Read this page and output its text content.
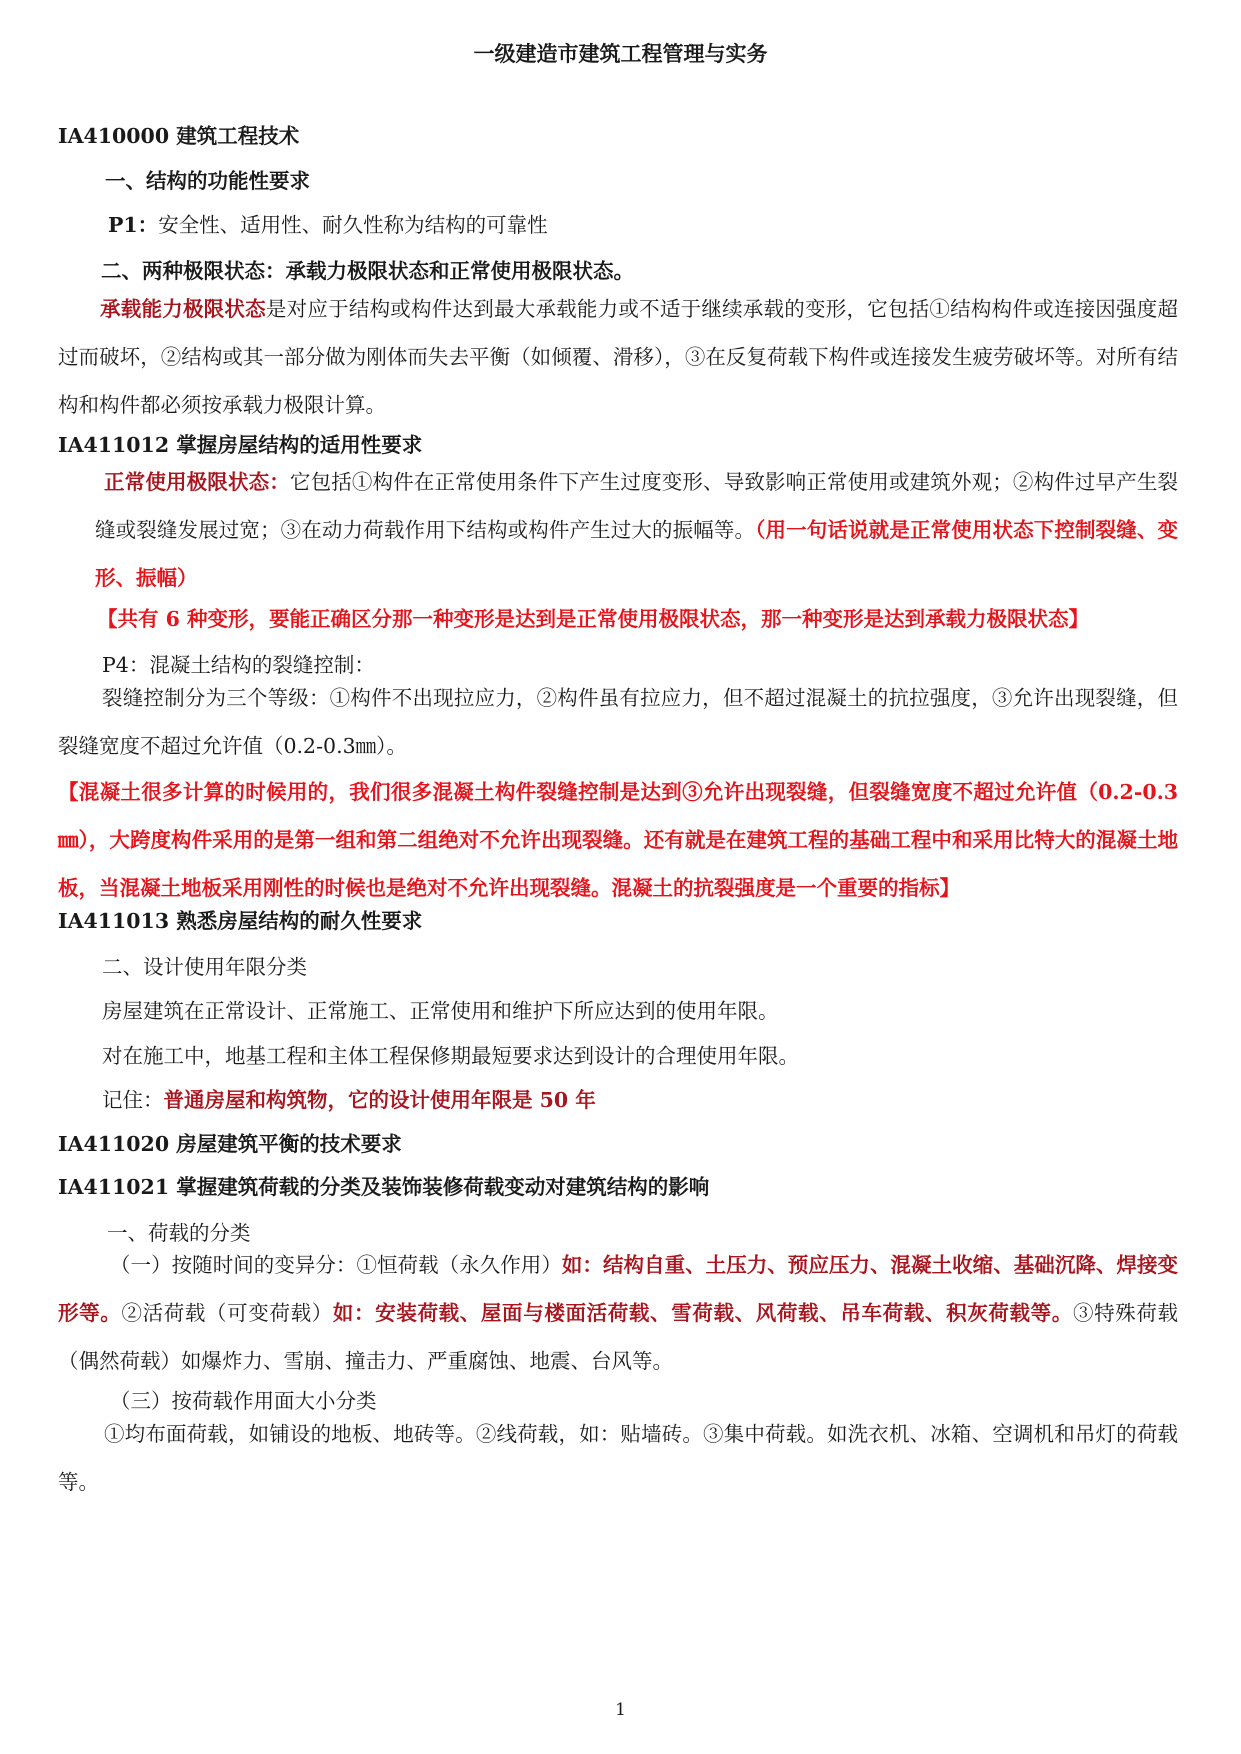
一级建造市建筑工程管理与实务
IA410000 建筑工程技术
一、结构的功能性要求
P1：安全性、适用性、耐久性称为结构的可靠性
二、两种极限状态：承载力极限状态和正常使用极限状态。
承载能力极限状态是对应于结构或构件达到最大承载能力或不适于继续承载的变形，它包括①结构构件或连接因强度超过而破坏，②结构或其一部分做为刚体而失去平衡（如倾覆、滑移），③在反复荷载下构件或连接发生疲劳破坏等。对所有结构和构件都必须按承载力极限计算。
IA411012 掌握房屋结构的适用性要求
正常使用极限状态：它包括①构件在正常使用条件下产生过度变形、导致影响正常使用或建筑外观；②构件过早产生裂缝或裂缝发展过宽；③在动力荷载作用下结构或构件产生过大的振幅等。（用一句话说就是正常使用状态下控制裂缝、变形、振幅）
【共有 6 种变形，要能正确区分那一种变形是达到是正常使用极限状态，那一种变形是达到承载力极限状态】
P4：混凝土结构的裂缝控制：
裂缝控制分为三个等级：①构件不出现拉应力，②构件虽有拉应力，但不超过混凝土的抗拉强度，③允许出现裂缝，但裂缝宽度不超过允许值（0.2-0.3㎜）。
【混凝土很多计算的时候用的，我们很多混凝土构件裂缝控制是达到③允许出现裂缝，但裂缝宽度不超过允许值（0.2-0.3㎜），大跨度构件采用的是第一组和第二组绝对不允许出现裂缝。还有就是在建筑工程的基础工程中和采用比特大的混凝土地板，当混凝土地板采用刚性的时候也是绝对不允许出现裂缝。混凝土的抗裂强度是一个重要的指标】
IA411013 熟悉房屋结构的耐久性要求
二、设计使用年限分类
房屋建筑在正常设计、正常施工、正常使用和维护下所应达到的使用年限。
对在施工中，地基工程和主体工程保修期最短要求达到设计的合理使用年限。
记住：普通房屋和构筑物，它的设计使用年限是 50 年
IA411020 房屋建筑平衡的技术要求
IA411021 掌握建筑荷载的分类及装饰装修荷载变动对建筑结构的影响
一、荷载的分类
（一）按随时间的变异分：①恒荷载（永久作用）如：结构自重、土压力、预应压力、混凝土收缩、基础沉降、焊接变形等。②活荷载（可变荷载）如：安装荷载、屋面与楼面活荷载、雪荷载、风荷载、吊车荷载、积灰荷载等。③特殊荷载（偶然荷载）如爆炸力、雪崩、撞击力、严重腐蚀、地震、台风等。
（三）按荷载作用面大小分类
①均布面荷载，如铺设的地板、地砖等。②线荷载，如：贴墙砖。③集中荷载。如洗衣机、冰箱、空调机和吊灯的荷载等。
1
